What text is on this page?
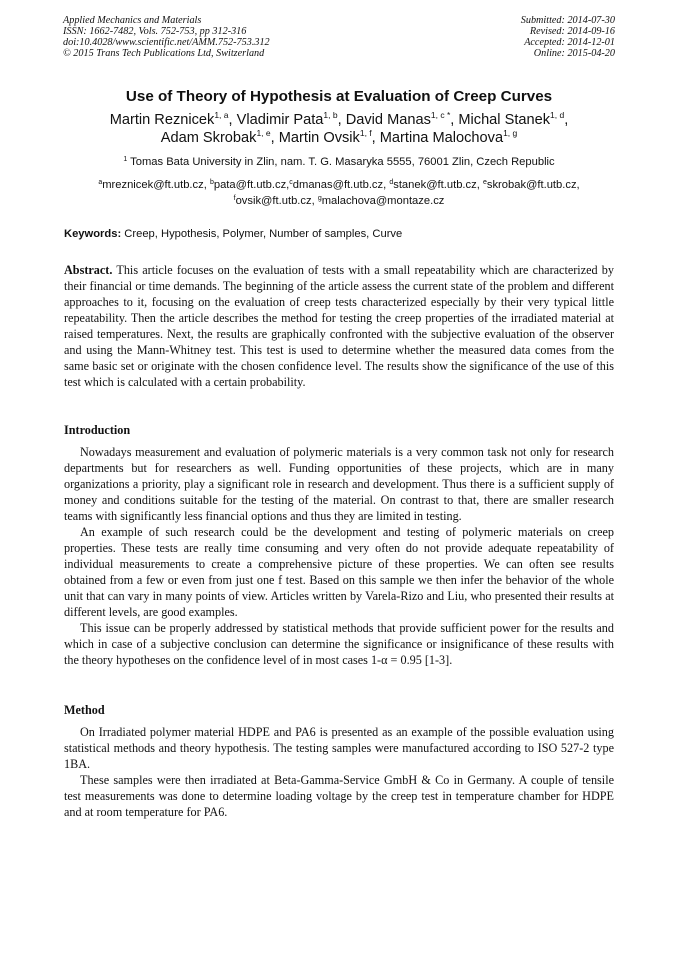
Applied Mechanics and Materials
ISSN: 1662-7482, Vols. 752-753, pp 312-316
doi:10.4028/www.scientific.net/AMM.752-753.312
© 2015 Trans Tech Publications Ltd, Switzerland
Submitted: 2014-07-30
Revised: 2014-09-16
Accepted: 2014-12-01
Online: 2015-04-20
Use of Theory of Hypothesis at Evaluation of Creep Curves
Martin Reznicek$^{1, a}$, Vladimir Pata$^{1, b}$, David Manas$^{1, c *}$, Michal Stanek$^{1, d}$,
Adam Skrobak$^{1, e}$, Martin Ovsik$^{1, f}$, Martina Malochova$^{1, g}$
$^1$ Tomas Bata University in Zlin, nam. T. G. Masaryka 5555, 76001 Zlin, Czech Republic
$^a$mreznicek@ft.utb.cz, $^b$pata@ft.utb.cz,$^c$dmanas@ft.utb.cz, $^d$stanek@ft.utb.cz, $^e$skrobak@ft.utb.cz,
$^f$ovsik@ft.utb.cz, $^g$malachova@montaze.cz
Keywords: Creep, Hypothesis, Polymer, Number of samples, Curve
Abstract. This article focuses on the evaluation of tests with a small repeatability which are characterized by their financial or time demands. The beginning of the article assess the current state of the problem and different approaches to it, focusing on the evaluation of creep tests characterized especially by their very typical little repeatability. Then the article describes the method for testing the creep properties of the irradiated material at raised temperatures. Next, the results are graphically confronted with the subjective evaluation of the observer and using the Mann-Whitney test. This test is used to determine whether the measured data comes from the same basic set or originate with the chosen confidence level. The results show the significance of the use of this test which is calculated with a certain probability.
Introduction

Nowadays measurement and evaluation of polymeric materials is a very common task not only for research departments but for researchers as well. Funding opportunities of these projects, which are in many organizations a priority, play a significant role in research and development. Thus there is a sufficient supply of money and conditions suitable for the testing of the material. On contrast to that, there are smaller research teams with significantly less financial options and thus they are limited in testing.

An example of such research could be the development and testing of polymeric materials on creep properties. These tests are really time consuming and very often do not provide adequate repeatability of individual measurements to create a comprehensive picture of these properties. We can often see results obtained from a few or even from just one f test. Based on this sample we then infer the behavior of the whole unit that can vary in many points of view. Articles written by Varela-Rizo and Liu, who presented their results at different levels, are good examples.

This issue can be properly addressed by statistical methods that provide sufficient power for the results and which in case of a subjective conclusion can determine the significance or insignificance of these results with the theory hypotheses on the confidence level of in most cases 1-α = 0.95 [1-3].

Method

On Irradiated polymer material HDPE and PA6 is presented as an example of the possible evaluation using statistical methods and theory hypothesis. The testing samples were manufactured according to ISO 527-2 type 1BA.

These samples were then irradiated at Beta-Gamma-Service GmbH & Co in Germany. A couple of tensile test measurements was done to determine loading voltage by the creep test in temperature chamber for HDPE and at room temperature for PA6.
